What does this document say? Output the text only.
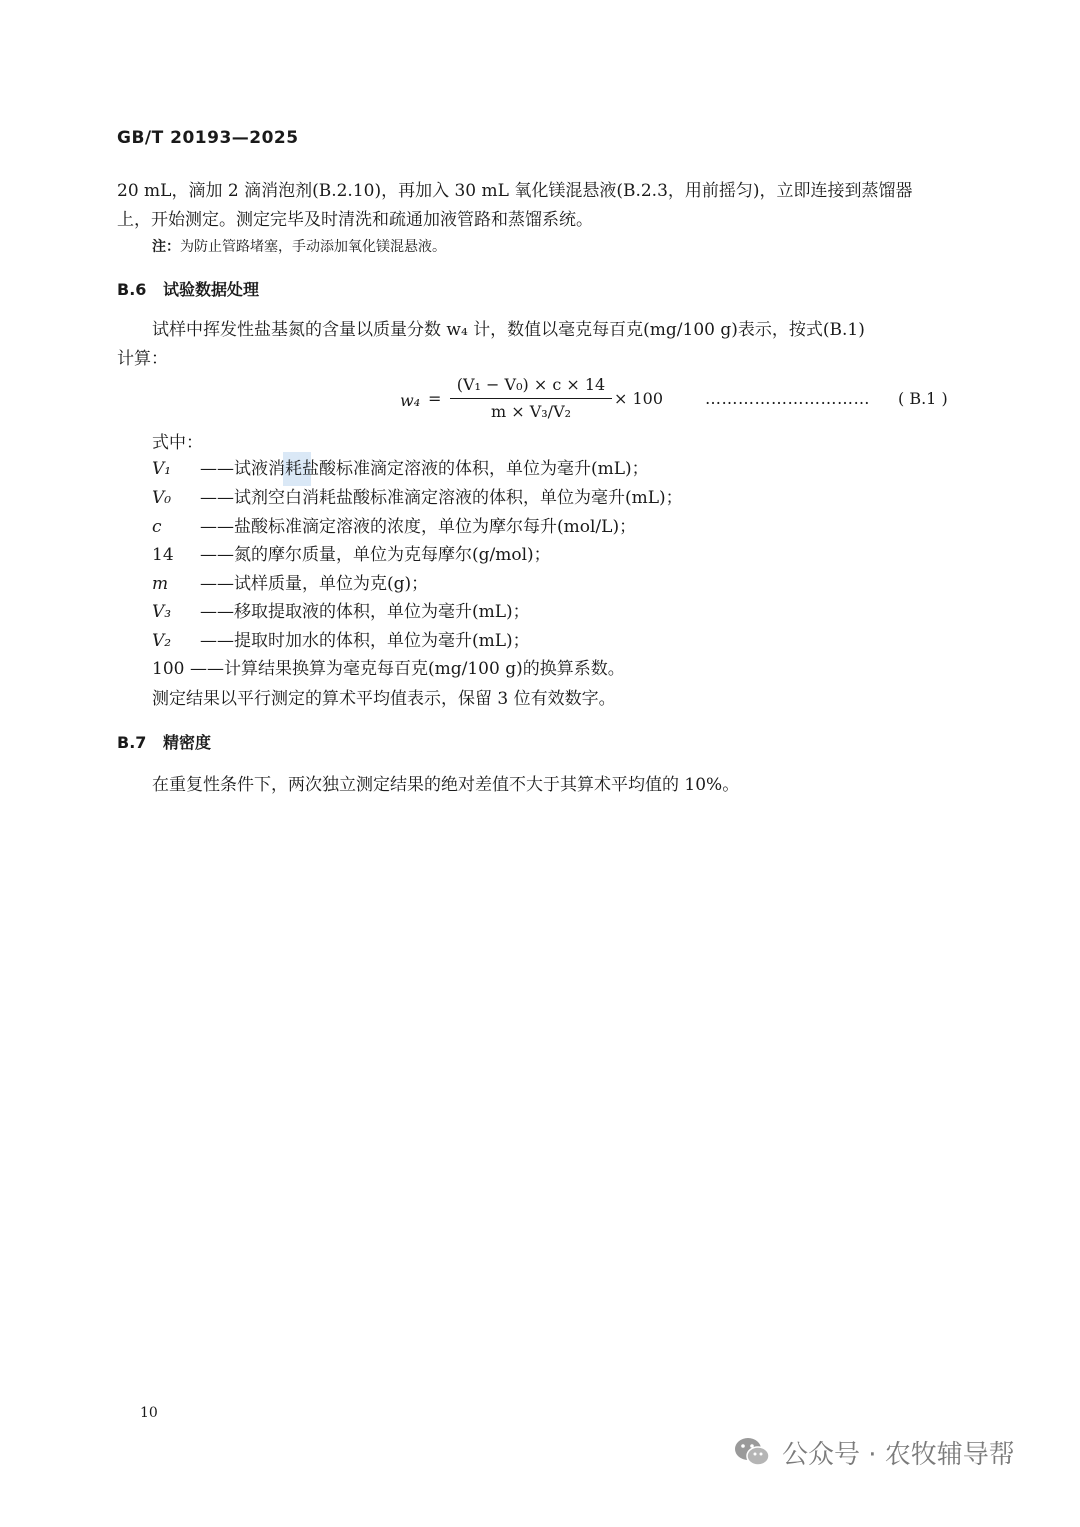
GB/T 20193—2025
20 mL，滴加 2 滴消泡剂(B.2.10)，再加入 30 mL 氧化镁混悬液(B.2.3，用前摇匀)，立即连接到蒸馏器
上，开始测定。测定完毕及时清洗和疏通加液管路和蒸馏系统。
注：为防止管路堵塞，手动添加氧化镁混悬液。
B.6 试验数据处理
试样中挥发性盐基氮的含量以质量分数 w₄ 计，数值以毫克每百克(mg/100 g)表示，按式(B.1)
计算：
w₄ =
(V₁ − V₀) × c × 14
m × V₃/V₂
× 100	………………………… ( B.1 )
式中：
V₁ ——试液消耗盐酸标准滴定溶液的体积，单位为毫升(mL)；
V₀ ——试剂空白消耗盐酸标准滴定溶液的体积，单位为毫升(mL)；
c ——盐酸标准滴定溶液的浓度，单位为摩尔每升(mol/L)；
14 ——氮的摩尔质量，单位为克每摩尔(g/mol)；
m ——试样质量，单位为克(g)；
V₃ ——移取提取液的体积，单位为毫升(mL)；
V₂ ——提取时加水的体积，单位为毫升(mL)；
100 ——计算结果换算为毫克每百克(mg/100 g)的换算系数。
测定结果以平行测定的算术平均值表示，保留 3 位有效数字。
B.7 精密度
在重复性条件下，两次独立测定结果的绝对差值不大于其算术平均值的 10%。
10
公众号 · 农牧辅导帮
